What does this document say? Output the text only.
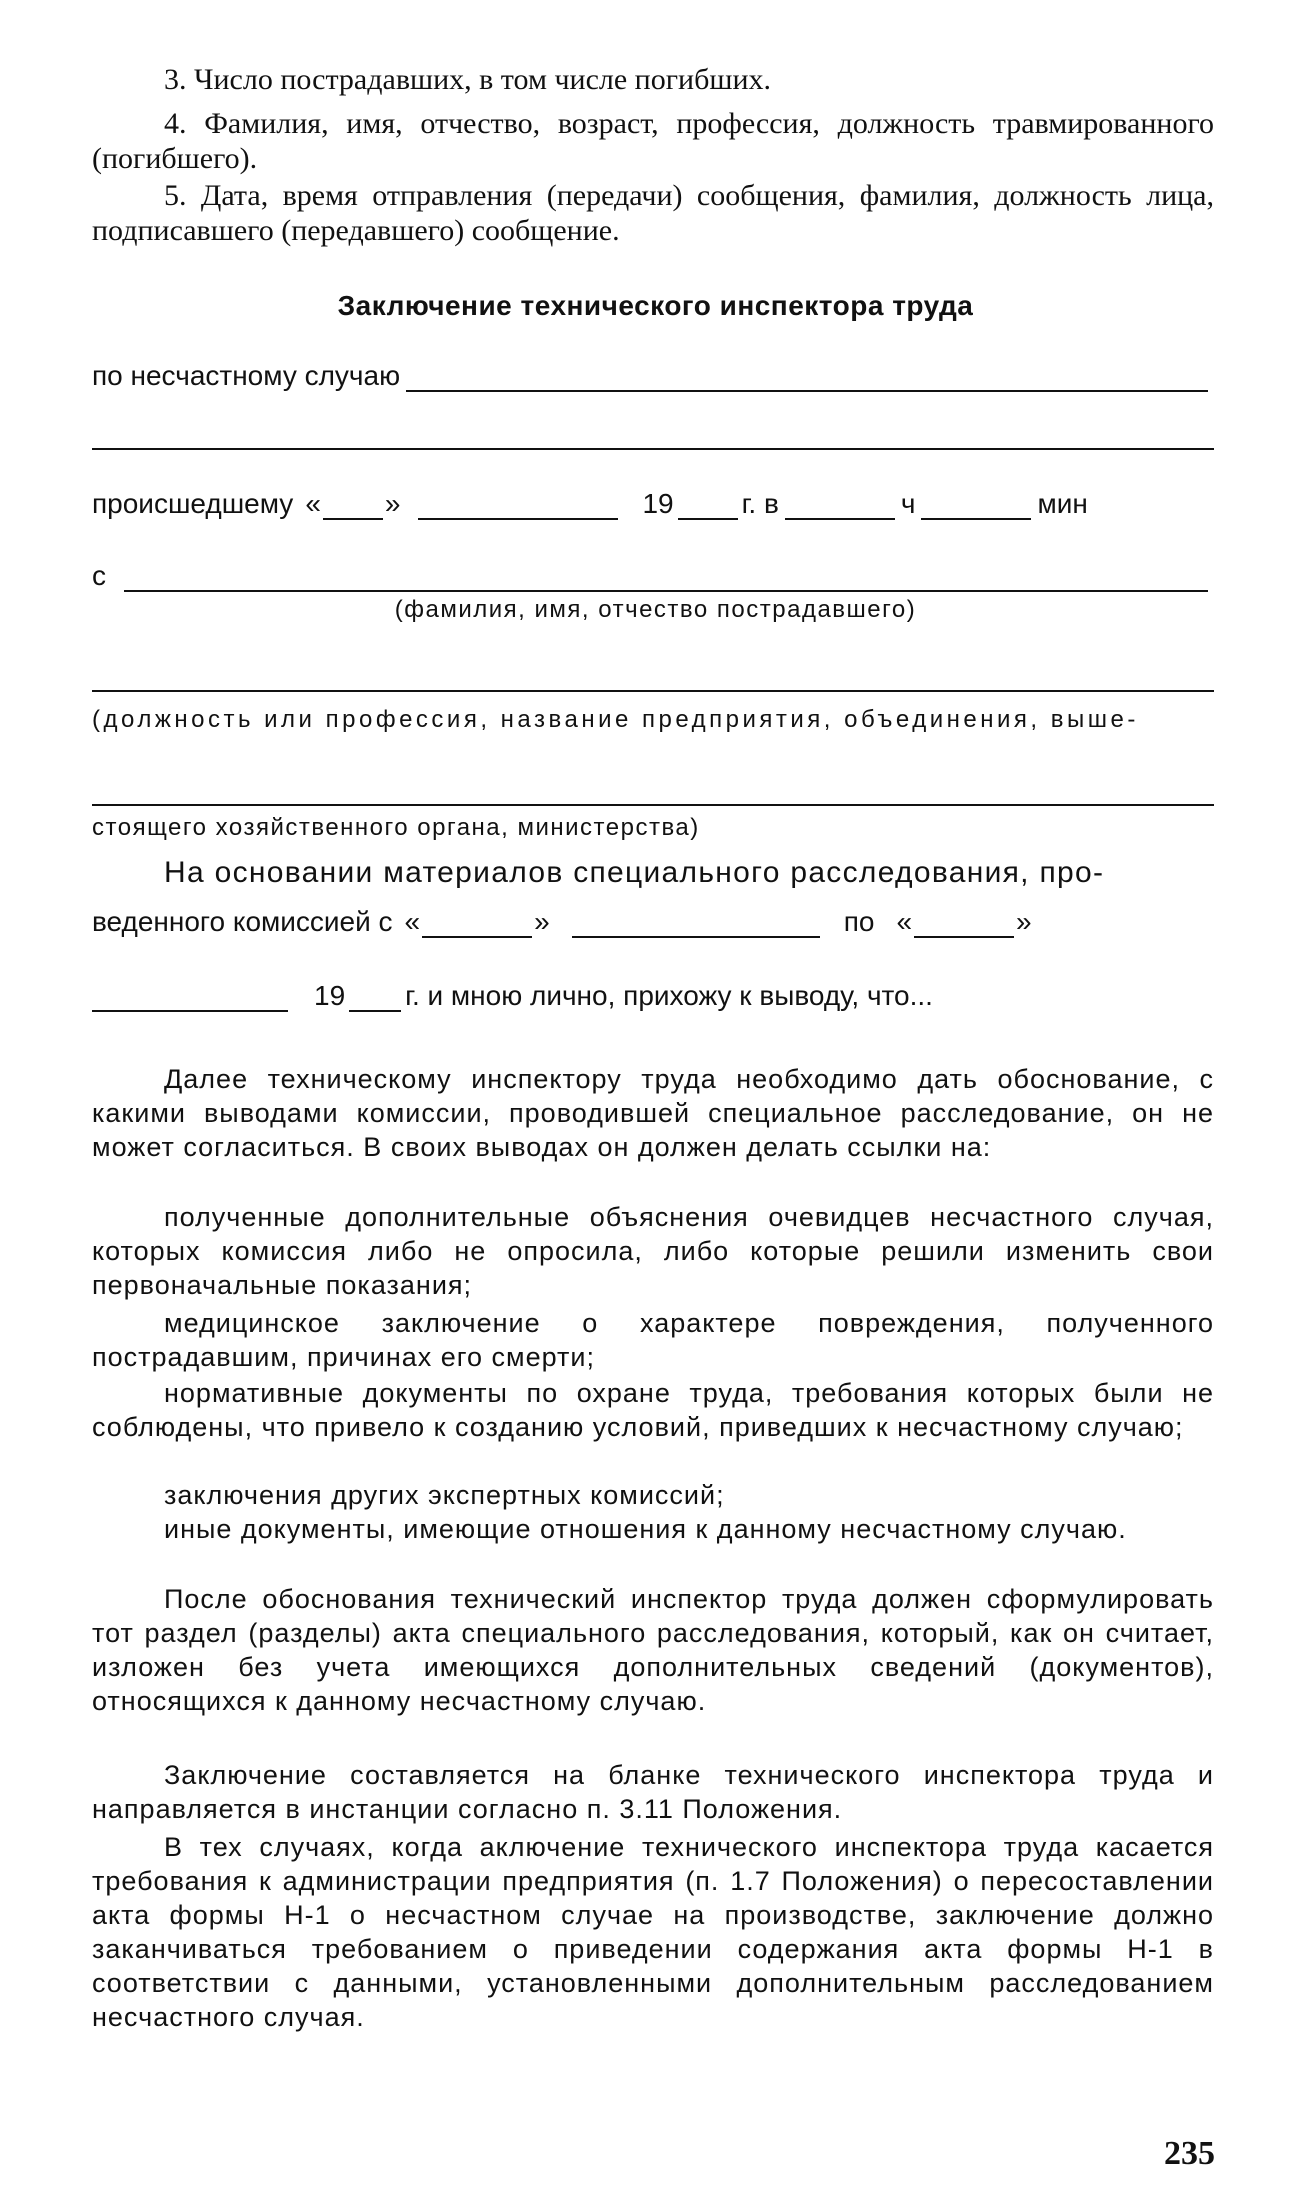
3. Число пострадавших, в том числе погибших.

4. Фамилия, имя, отчество, возраст, профессия, должность травмированного (погибшего).

5. Дата, время отправления (передачи) сообщения, фамилия, должность лица, подписавшего (передавшего) сообщение.

Заключение технического инспектора труда
по несчастному случаю
происшедшему « »	19 г. в	ч	мин
с
(фамилия, имя, отчество пострадавшего)
(должность или профессия, название предприятия, объединения, выше-
стоящего хозяйственного органа, министерства)
На основании материалов специального расследования, про-
веденного комиссией с «	»	по «	»
19 г. и мною лично, прихожу к выводу, что...

Далее техническому инспектору труда необходимо дать обоснование, с какими выводами комиссии, проводившей специальное расследование, он не может согласиться. В своих выводах он должен делать ссылки на:

полученные дополнительные объяснения очевидцев несчастного случая, которых комиссия либо не опросила, либо которые решили изменить свои первоначальные показания;

медицинское заключение о характере повреждения, полученного пострадавшим, причинах его смерти;

нормативные документы по охране труда, требования которых были не соблюдены, что привело к созданию условий, приведших к несчастному случаю;

заключения других экспертных комиссий;

иные документы, имеющие отношения к данному несчастному случаю.

После обоснования технический инспектор труда должен сформулировать тот раздел (разделы) акта специального расследования, который, как он считает, изложен без учета имеющихся дополнительных сведений (документов), относящихся к данному несчастному случаю.

Заключение составляется на бланке технического инспектора труда и направляется в инстанции согласно п. 3.11 Положения.

В тех случаях, когда аключение технического инспектора труда касается требования к администрации предприятия (п. 1.7 Положения) о пересоставлении акта формы Н-1 о несчастном случае на производстве, заключение должно заканчиваться требованием о приведении содержания акта формы Н-1 в соответствии с данными, установленными дополнительным расследованием несчастного случая.

235
